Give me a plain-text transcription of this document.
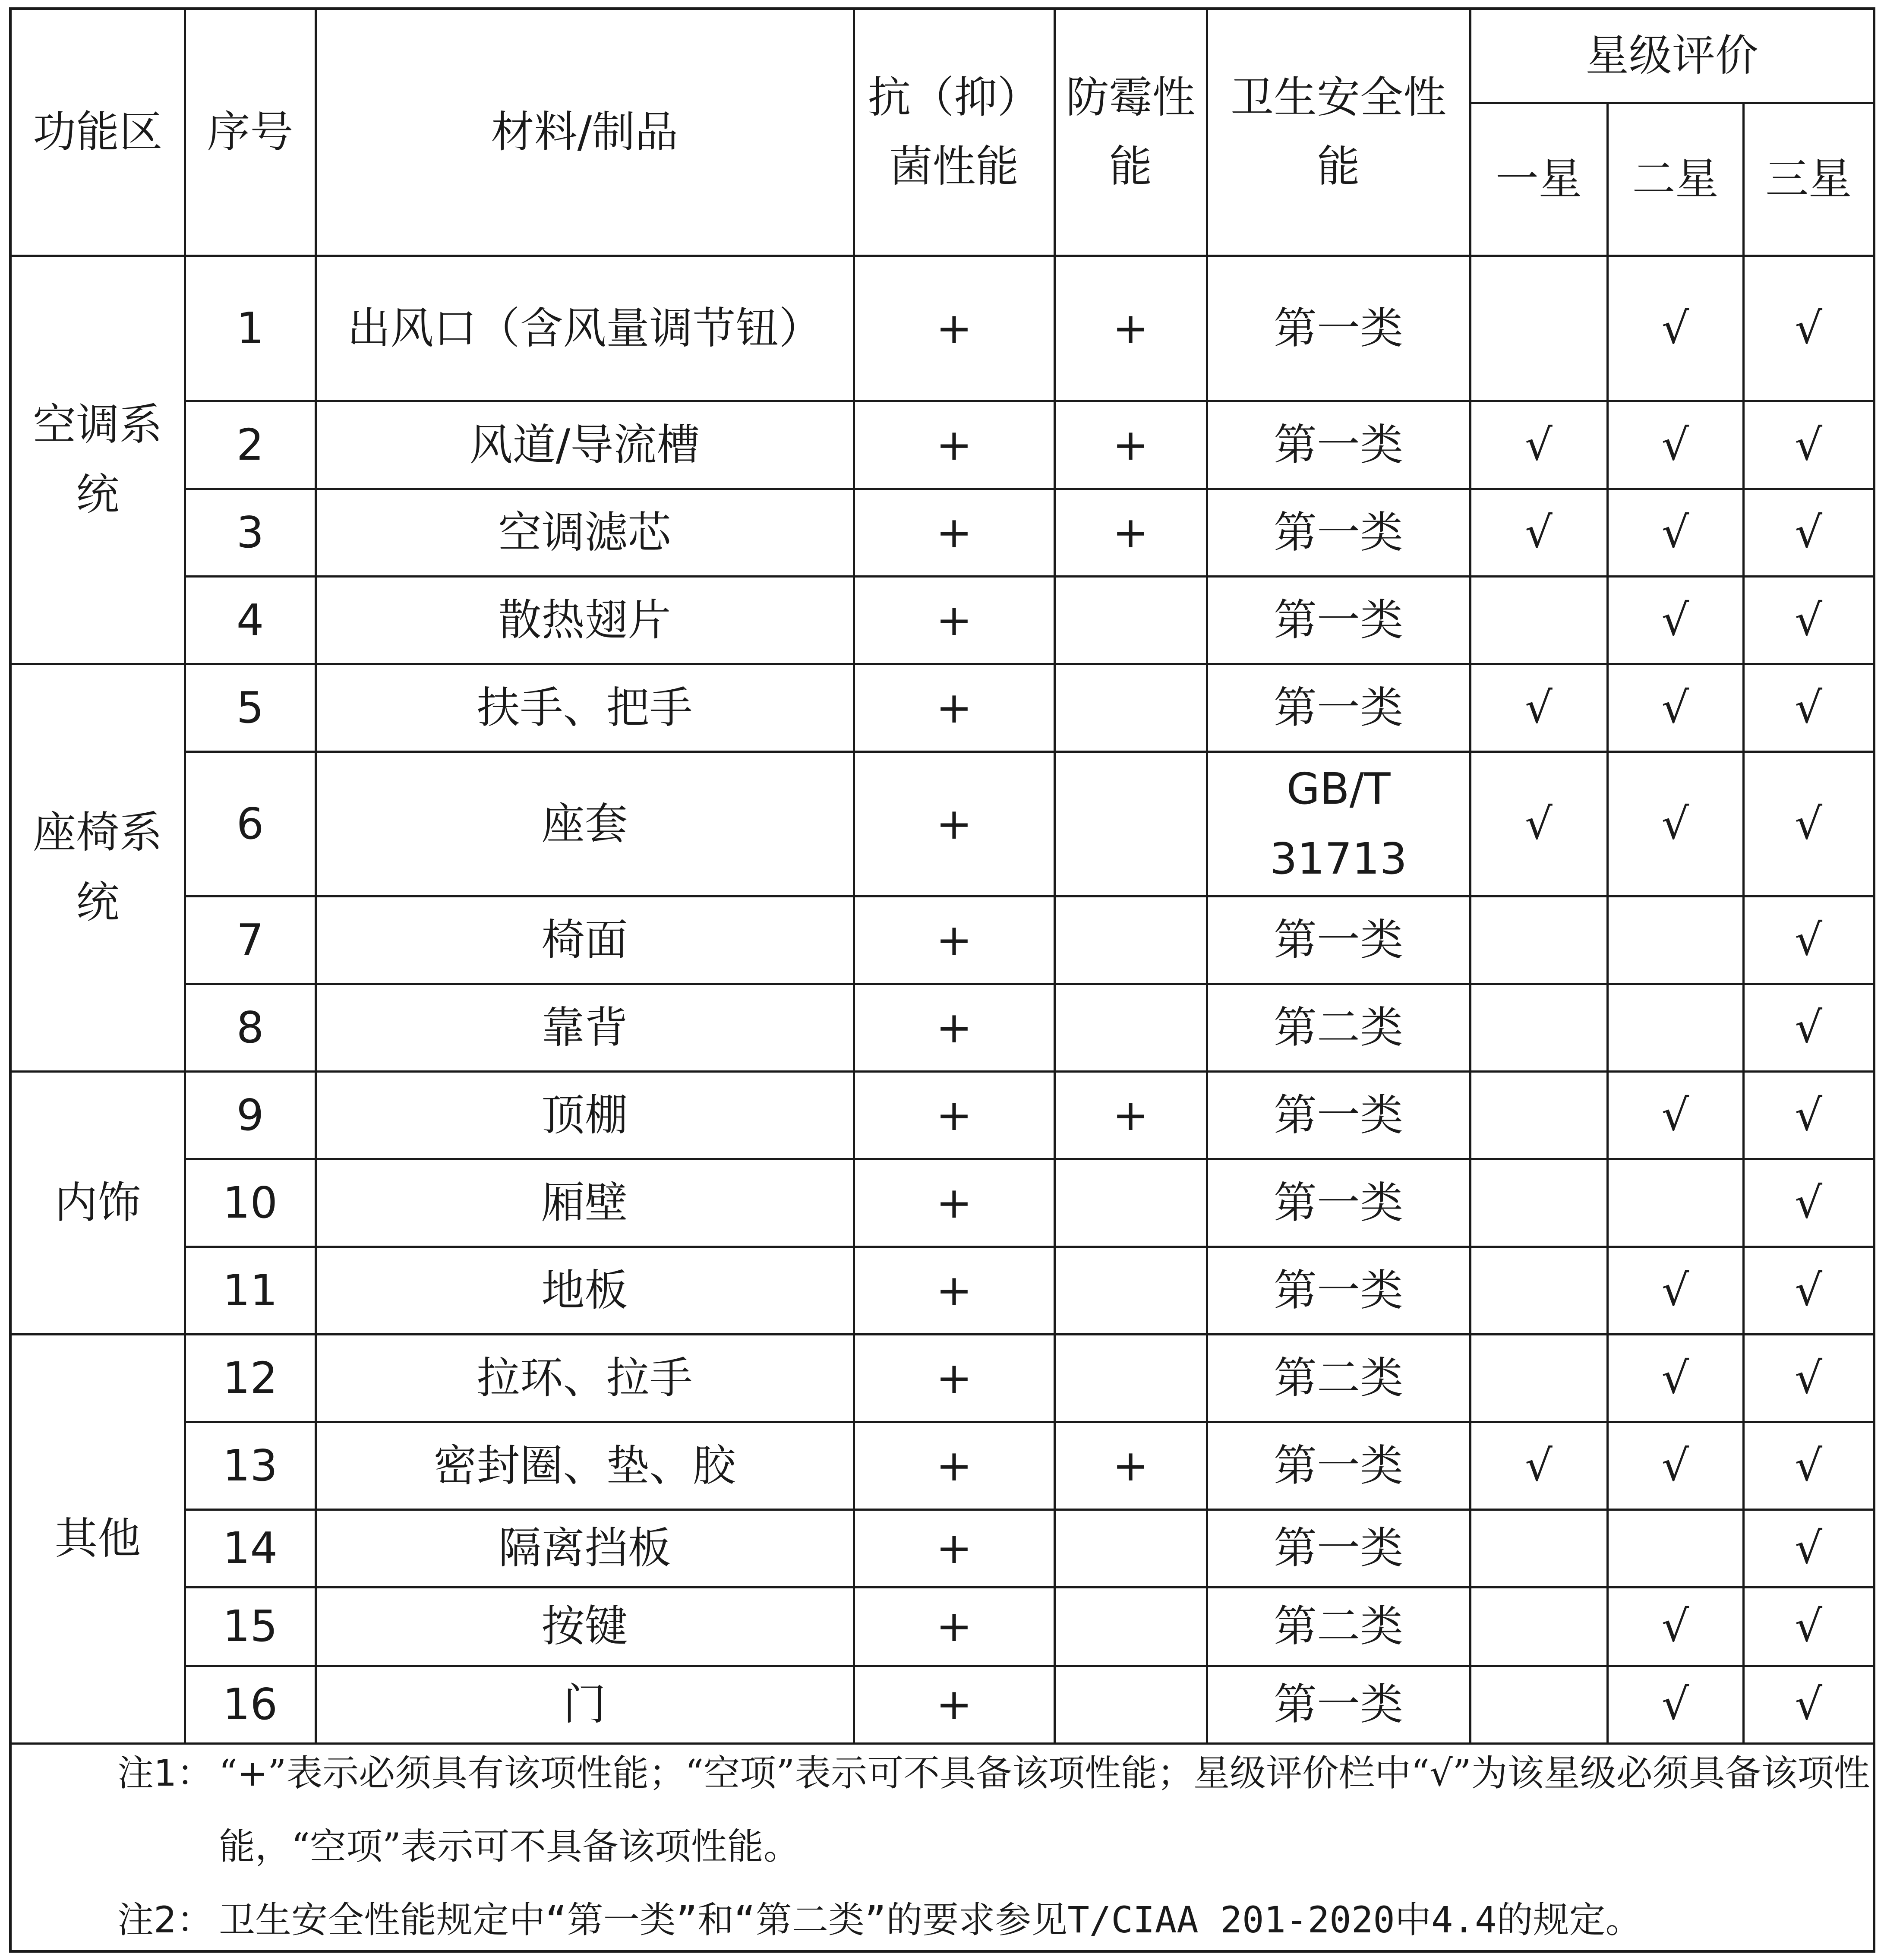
功能区	序号	材料/制品	抗（抑）菌性能	防霉性能	卫生安全性能	星级评价		
						一星	二星	三星
空调系统	1	出风口（含风量调节钮）	+	+	第一类		√	√
	2	风道/导流槽	+	+	第一类	√	√	√
	3	空调滤芯	+	+	第一类	√	√	√
	4	散热翅片	+		第一类		√	√
座椅系统	5	扶手、把手	+		第一类	√	√	√
	6	座套	+		GB/T 31713	√	√	√
	7	椅面	+		第一类			√
	8	靠背	+		第二类			√
内饰	9	顶棚	+	+	第一类		√	√
	10	厢壁	+		第一类			√
	11	地板	+		第一类		√	√
其他	12	拉环、拉手	+		第二类		√	√
	13	密封圈、垫、胶	+	+	第一类	√	√	√
	14	隔离挡板	+		第一类			√
	15	按键	+		第二类		√	√
	16	门	+		第一类		√	√
注1： “+”表示必须具有该项性能；“空项”表示可不具备该项性能；星级评价栏中“√”为该星级必须具备该项性能，“空项”表示可不具备该项性能。
注2： 卫生安全性能规定中“第一类”和“第二类”的要求参见T/CIAA 201-2020中4.4的规定。
